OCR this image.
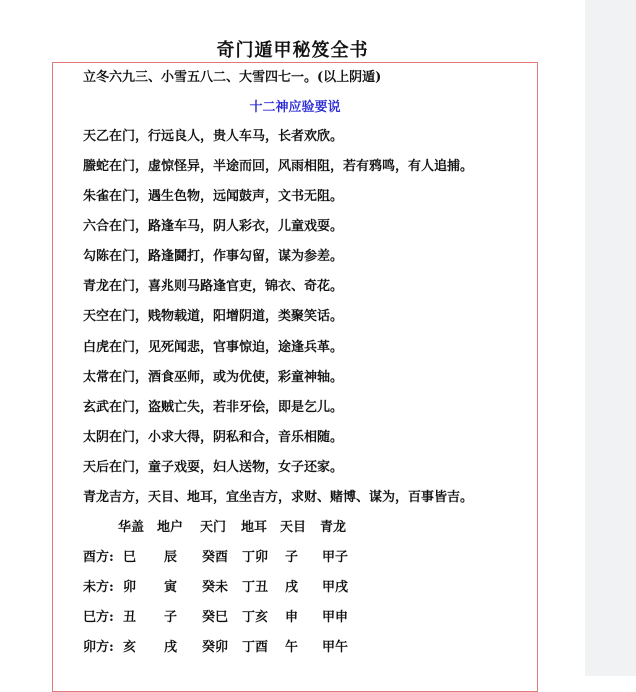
奇门遁甲秘笈全书
立冬六九三、小雪五八二、大雪四七一。(以上阴遁)
十二神应验要说
天乙在门，行远良人，贵人车马，长者欢欣。
螣蛇在门，虚惊怪异，半途而回，风雨相阻，若有鸦鸣，有人追捕。
朱雀在门，遇生色物，远闻鼓声，文书无阻。
六合在门，路逢车马，阴人彩衣，儿童戏耍。
勾陈在门，路逢鬪打，作事勾留，谋为参差。
青龙在门，喜兆则马路逢官吏，锦衣、奇花。
天空在门，贱物载道，阳增阴道，类聚笑话。
白虎在门，见死闻悲，官事惊迫，途逢兵革。
太常在门，酒食巫师，或为优使，彩童神轴。
玄武在门，盗贼亡失，若非牙侩，即是乞儿。
太阴在门，小求大得，阴私和合，音乐相随。
天后在门，童子戏耍，妇人送物，女子还家。
青龙吉方，天目、地耳，宜坐吉方，求财、赌博、谋为，百事皆吉。
华盖 地户 天门 地耳 天目 青龙
酉方: 巳 辰 癸酉 丁卯 子 甲子
未方: 卯 寅 癸未 丁丑 戌 甲戌
巳方: 丑 子 癸巳 丁亥 申 甲申
卯方: 亥 戌 癸卯 丁酉 午 甲午
